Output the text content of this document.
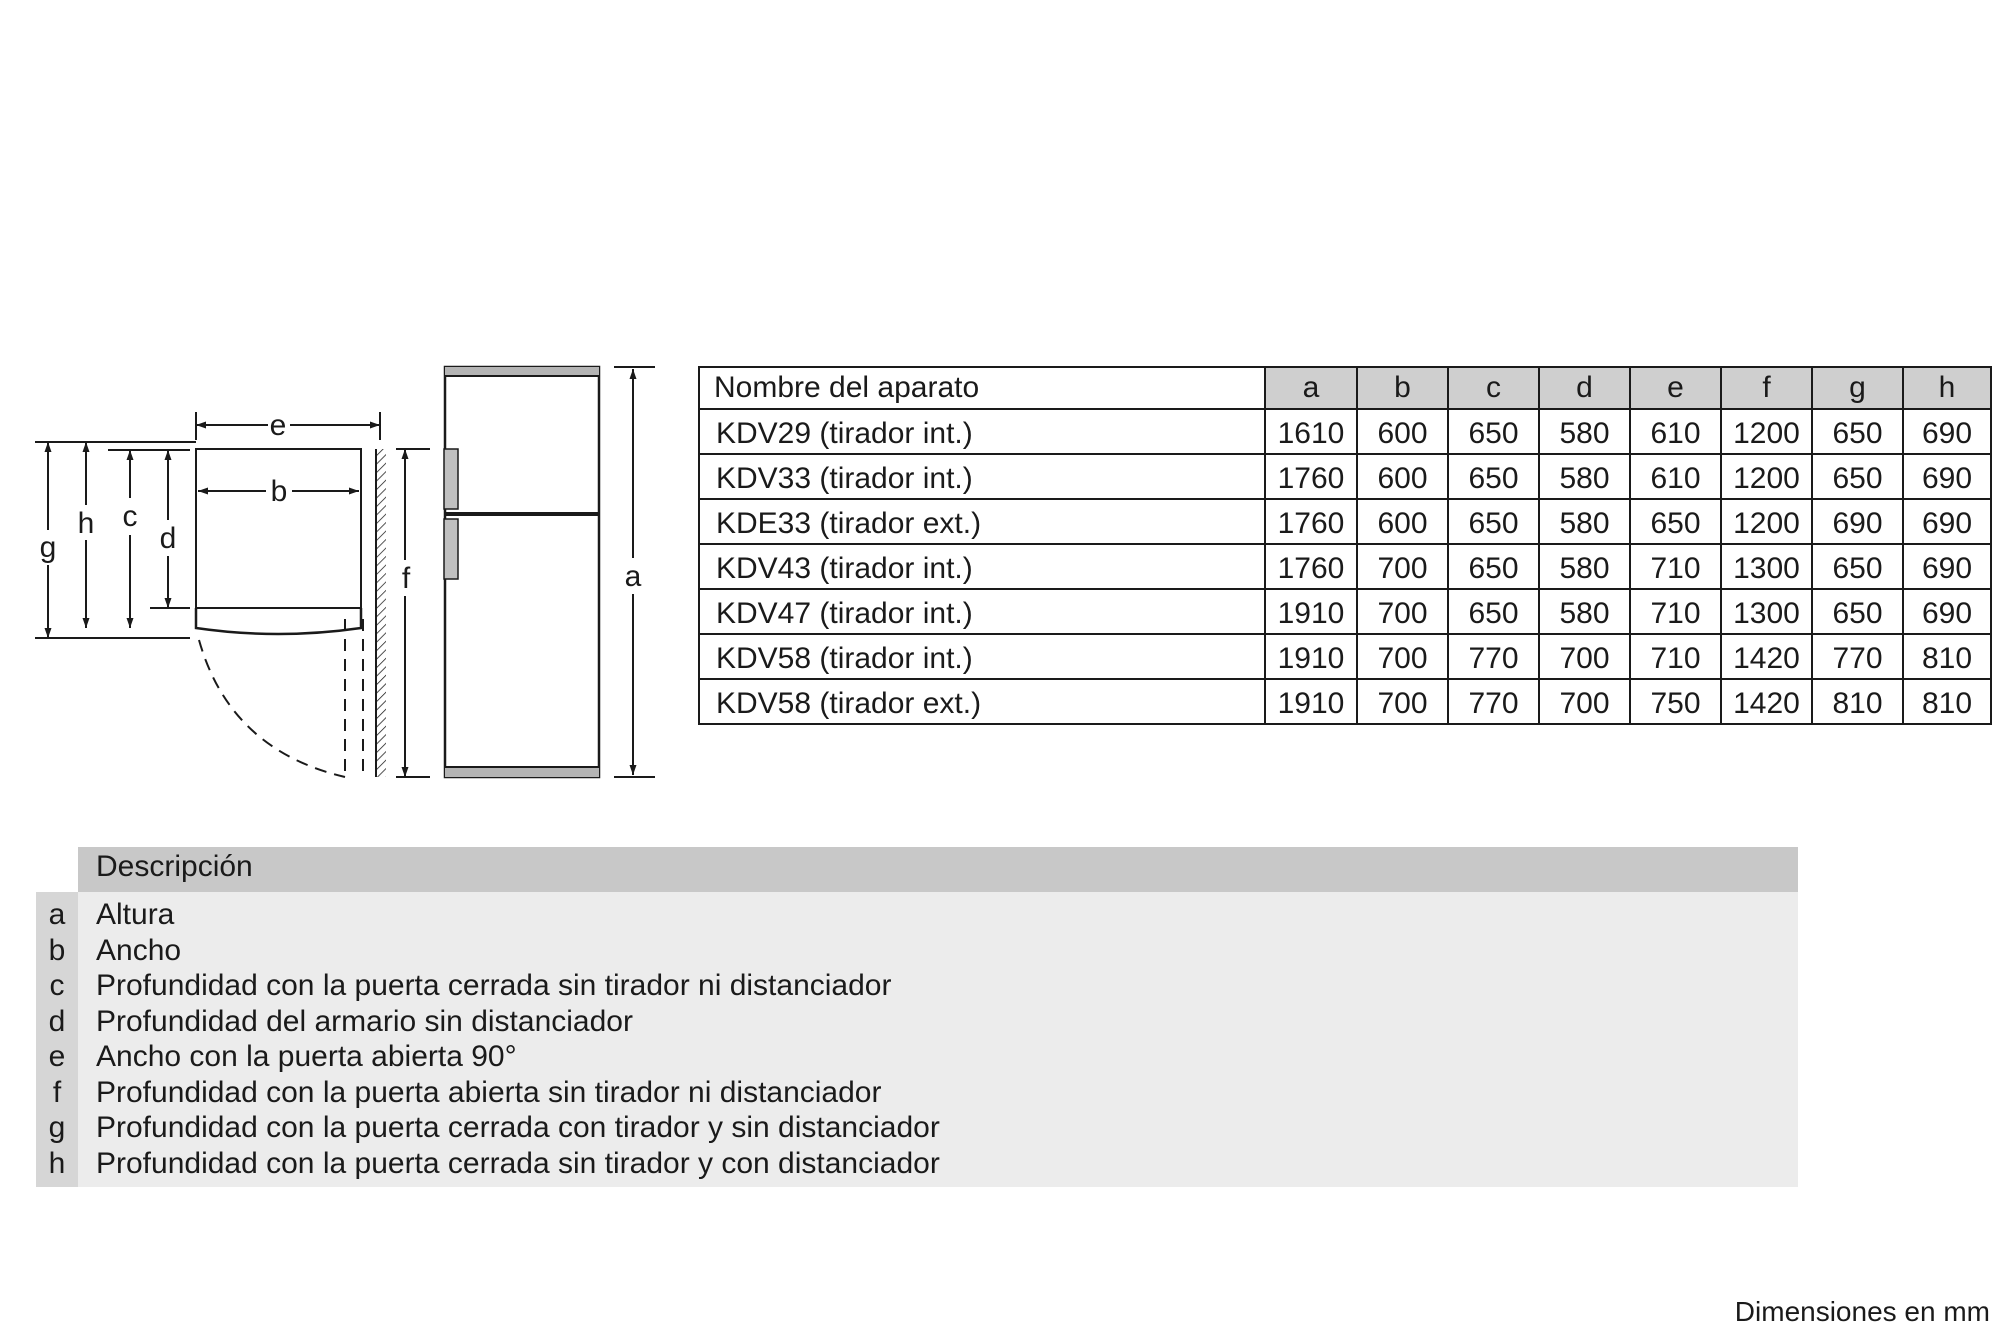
e
b
g
h c
d
f	a
Nombre del aparato	a	b	c	d	e	f	g	h
KDV29 (tirador int.)	1610	600	650	580	610	1200	650	690
KDV33 (tirador int.)	1760	600	650	580	610	1200	650	690
KDE33 (tirador ext.)	1760	600	650	580	650	1200	690	690
KDV43 (tirador int.)	1760	700	650	580	710	1300	650	690
KDV47 (tirador int.)	1910	700	650	580	710	1300	650	690
KDV58 (tirador int.)	1910	700	770	700	710	1420	770	810
KDV58 (tirador ext.)	1910	700	770	700	750	1420	810	810
Descripción
a Altura
b Ancho
c Profundidad con la puerta cerrada sin tirador ni distanciador
d Profundidad del armario sin distanciador
e Ancho con la puerta abierta 90°
f Profundidad con la puerta abierta sin tirador ni distanciador
g Profundidad con la puerta cerrada con tirador y sin distanciador
h Profundidad con la puerta cerrada sin tirador y con distanciador
Dimensiones en mm
